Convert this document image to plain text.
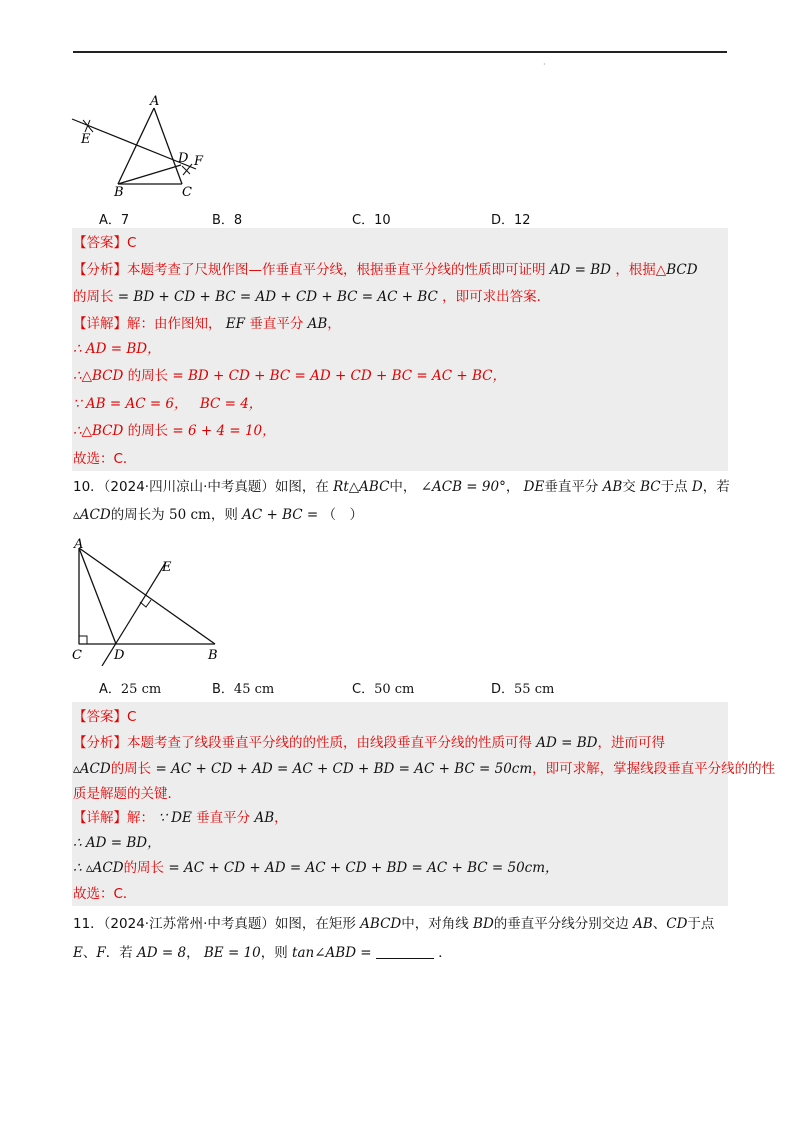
·
A
E
D F
B	C
A．7	B．8	C．10	D．12
【答案】C
【分析】本题考查了尺规作图—作垂直平分线，根据垂直平分线的性质即可证明 AD = BD ，根据△BCD
的周长 = BD + CD + BC = AD + CD + BC = AC + BC ，即可求出答案．
【详解】解：由作图知， EF 垂直平分 AB，
∴ AD = BD，
∴△BCD 的周长 = BD + CD + BC = AD + CD + BC = AC + BC，
∵ AB = AC = 6， BC = 4，
∴△BCD 的周长 = 6 + 4 = 10，
故选：C．
10．（2024·四川凉山·中考真题）如图，在 Rt△ABC中， ∠ACB = 90°， DE垂直平分 AB交 BC于点 D，若
▵ACD的周长为 50 cm，则 AC + BC = （　）
A
E
C D	B
A．25 cm	B．45 cm	C．50 cm	D．55 cm
【答案】C
【分析】本题考查了线段垂直平分线的的性质，由线段垂直平分线的性质可得 AD = BD，进而可得
▵ACD的周长 = AC + CD + AD = AC + CD + BD = AC + BC = 50cm，即可求解，掌握线段垂直平分线的的性
质是解题的关键．
【详解】解： ∵ DE 垂直平分 AB，
∴ AD = BD，
∴ ▵ACD的周长 = AC + CD + AD = AC + CD + BD = AC + BC = 50cm，
故选：C．
11．（2024·江苏常州·中考真题）如图，在矩形 ABCD中，对角线 BD的垂直平分线分别交边 AB、CD于点
E、F．若 AD = 8， BE = 10，则 tan∠ABD =	．
